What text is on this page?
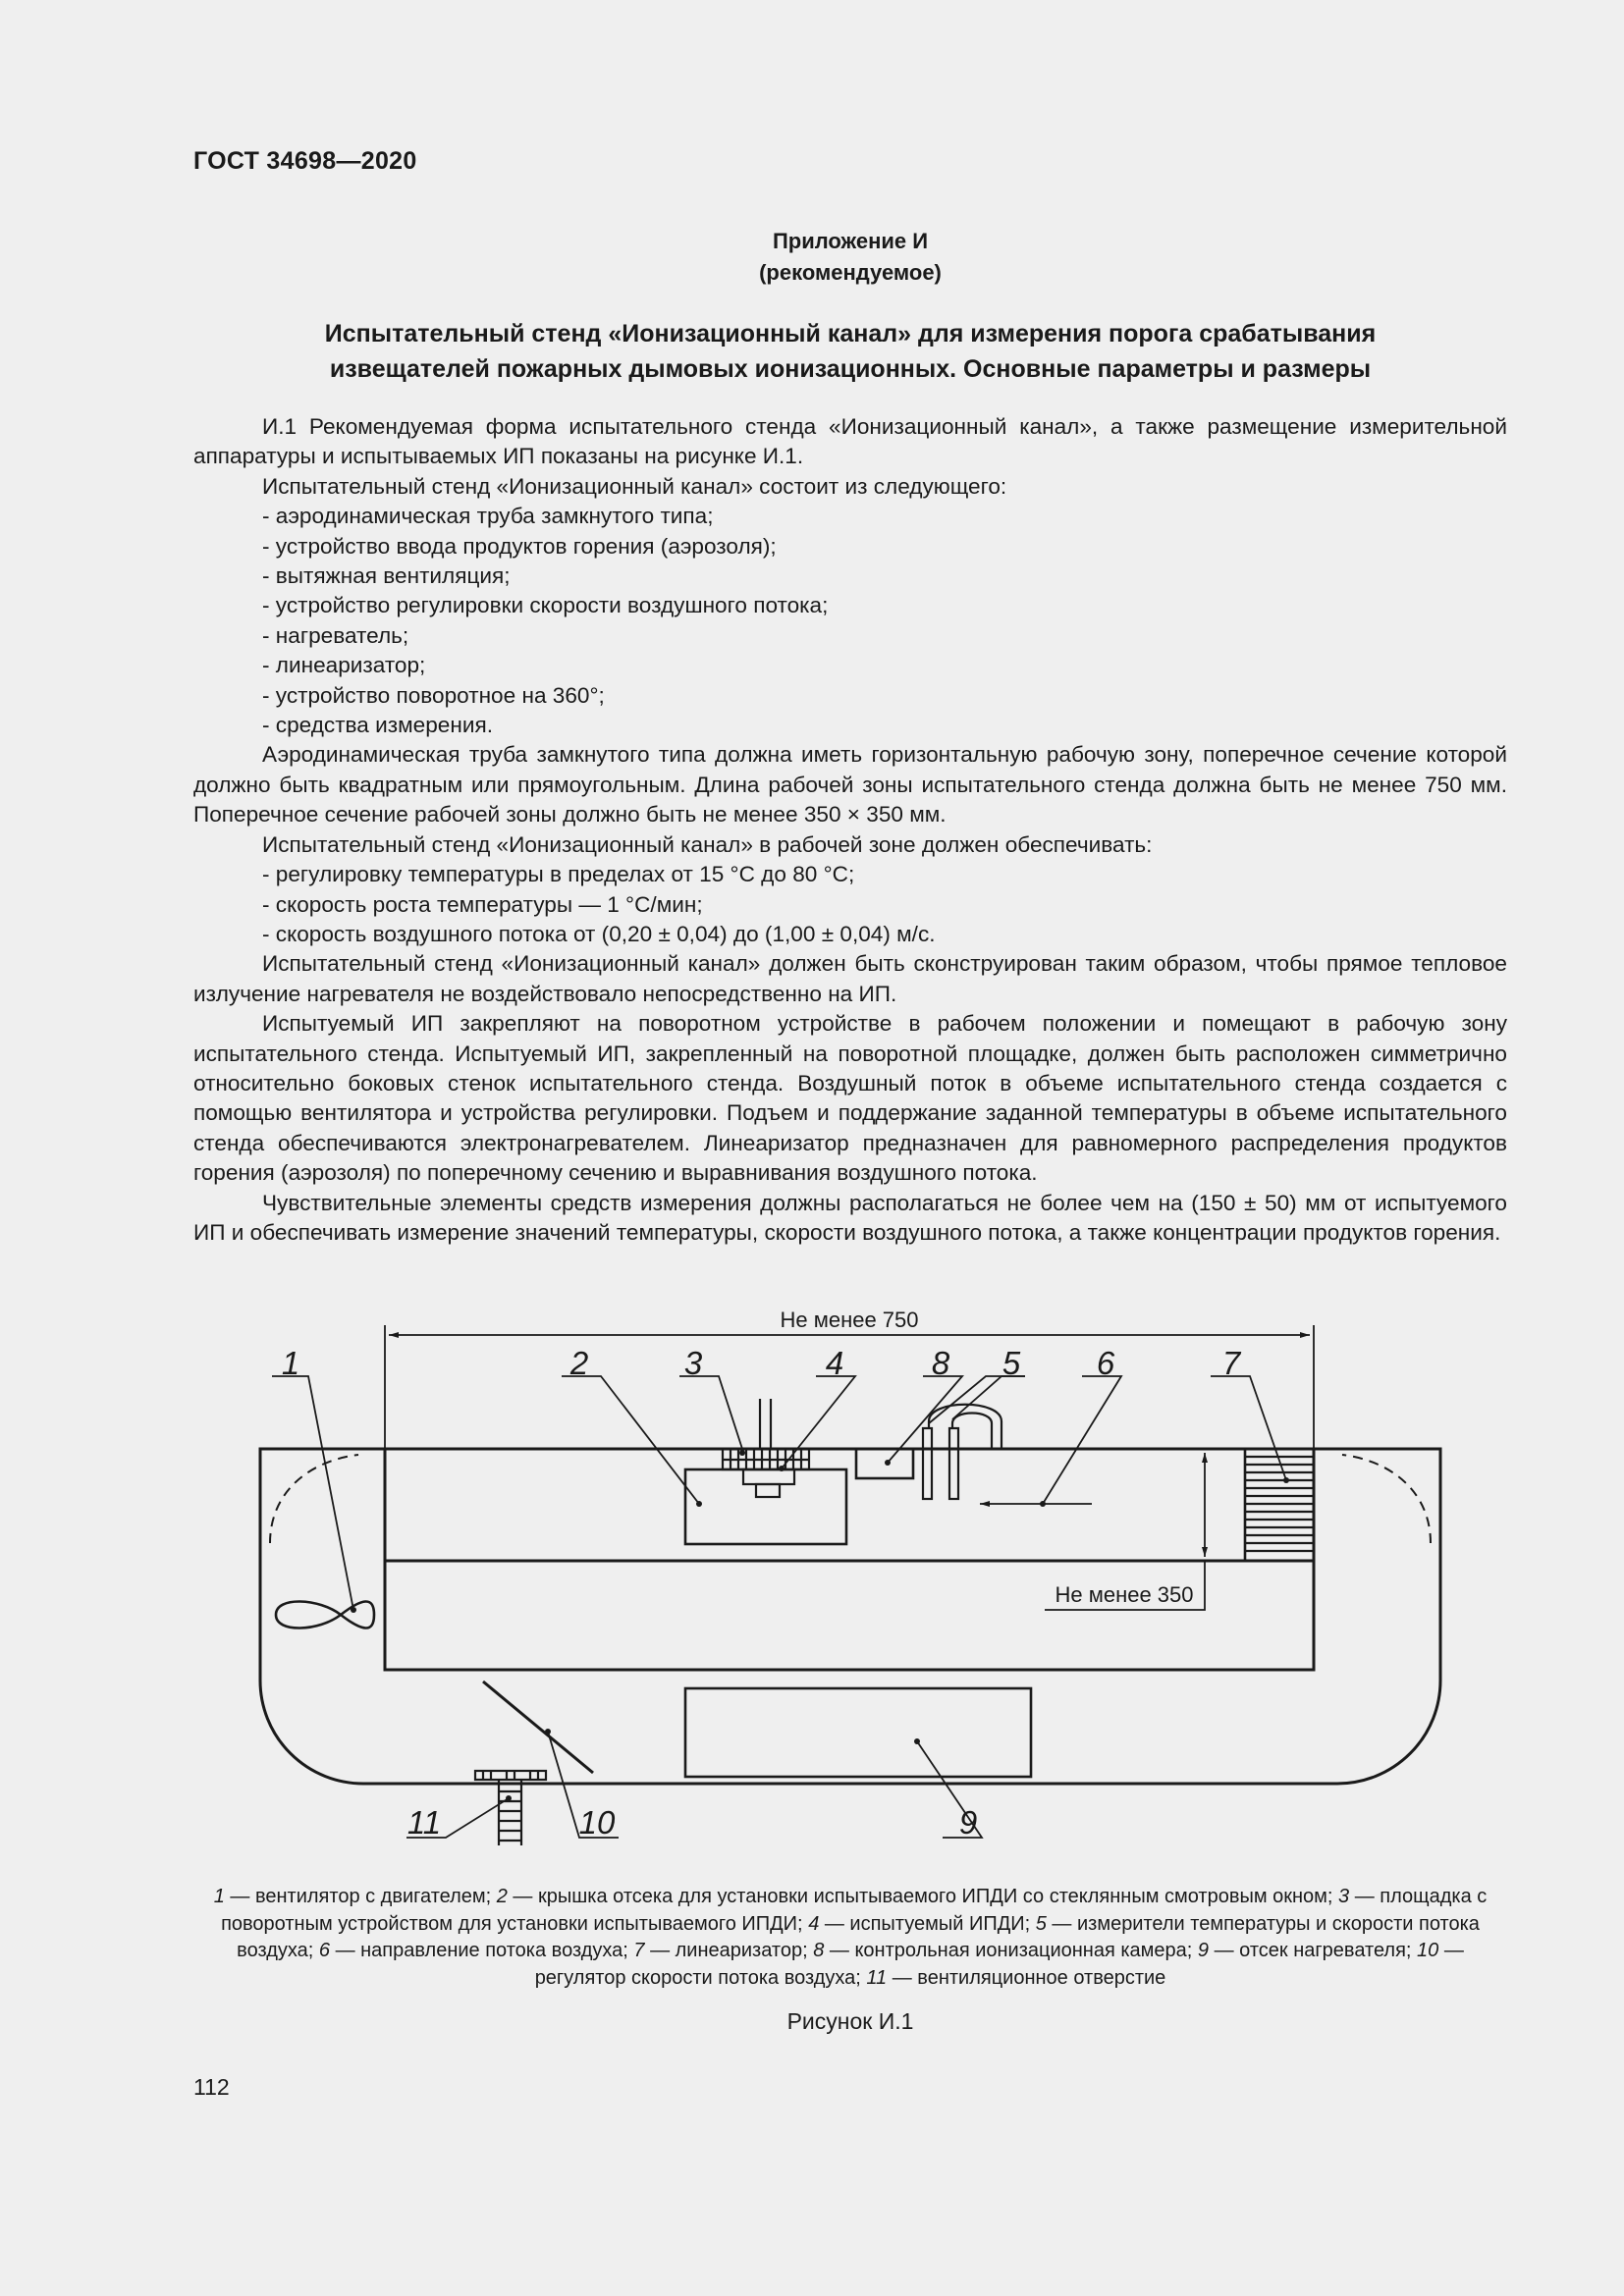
ГОСТ 34698—2020
Приложение И
(рекомендуемое)
Испытательный стенд «Ионизационный канал» для измерения порога срабатывания
извещателей пожарных дымовых ионизационных. Основные параметры и размеры

И.1 Рекомендуемая форма испытательного стенда «Ионизационный канал», а также размещение измерительной аппаратуры и испытываемых ИП показаны на рисунке И.1.

Испытательный стенд «Ионизационный канал» состоит из следующего:

- аэродинамическая труба замкнутого типа;
- устройство ввода продуктов горения (аэрозоля);
- вытяжная вентиляция;
- устройство регулировки скорости воздушного потока;
- нагреватель;
- линеаризатор;
- устройство поворотное на 360°;
- средства измерения.

Аэродинамическая труба замкнутого типа должна иметь горизонтальную рабочую зону, поперечное сечение которой должно быть квадратным или прямоугольным. Длина рабочей зоны испытательного стенда должна быть не менее 750 мм. Поперечное сечение рабочей зоны должно быть не менее 350 × 350 мм.

Испытательный стенд «Ионизационный канал» в рабочей зоне должен обеспечивать:

- регулировку температуры в пределах от 15 °С до 80 °С;
- скорость роста температуры — 1 °С/мин;
- скорость воздушного потока от (0,20 ± 0,04) до (1,00 ± 0,04) м/с.

Испытательный стенд «Ионизационный канал» должен быть сконструирован таким образом, чтобы прямое тепловое излучение нагревателя не воздействовало непосредственно на ИП.

Испытуемый ИП закрепляют на поворотном устройстве в рабочем положении и помещают в рабочую зону испытательного стенда. Испытуемый ИП, закрепленный на поворотной площадке, должен быть расположен симметрично относительно боковых стенок испытательного стенда. Воздушный поток в объеме испытательного стенда создается с помощью вентилятора и устройства регулировки. Подъем и поддержание заданной температуры в объеме испытательного стенда обеспечиваются электронагревателем. Линеаризатор предназначен для равномерного распределения продуктов горения (аэрозоля) по поперечному сечению и выравнивания воздушного потока.

Чувствительные элементы средств измерения должны располагаться не более чем на (150 ± 50) мм от испытуемого ИП и обеспечивать измерение значений температуры, скорости воздушного потока, а также концентрации продуктов горения.

Не менее 750
Не менее 350
1	2	3	4	8 5 6	7
11	10	9
1 — вентилятор с двигателем; 2 — крышка отсека для установки испытываемого ИПДИ со стеклянным смотровым окном; 3 — площадка с поворотным устройством для установки испытываемого ИПДИ; 4 — испытуемый ИПДИ; 5 — измерители температуры и скорости потока воздуха; 6 — направление потока воздуха; 7 — линеаризатор; 8 — контрольная ионизационная камера; 9 — отсек нагревателя; 10 — регулятор скорости потока воздуха; 11 — вентиляционное отверстие
Рисунок И.1
112
